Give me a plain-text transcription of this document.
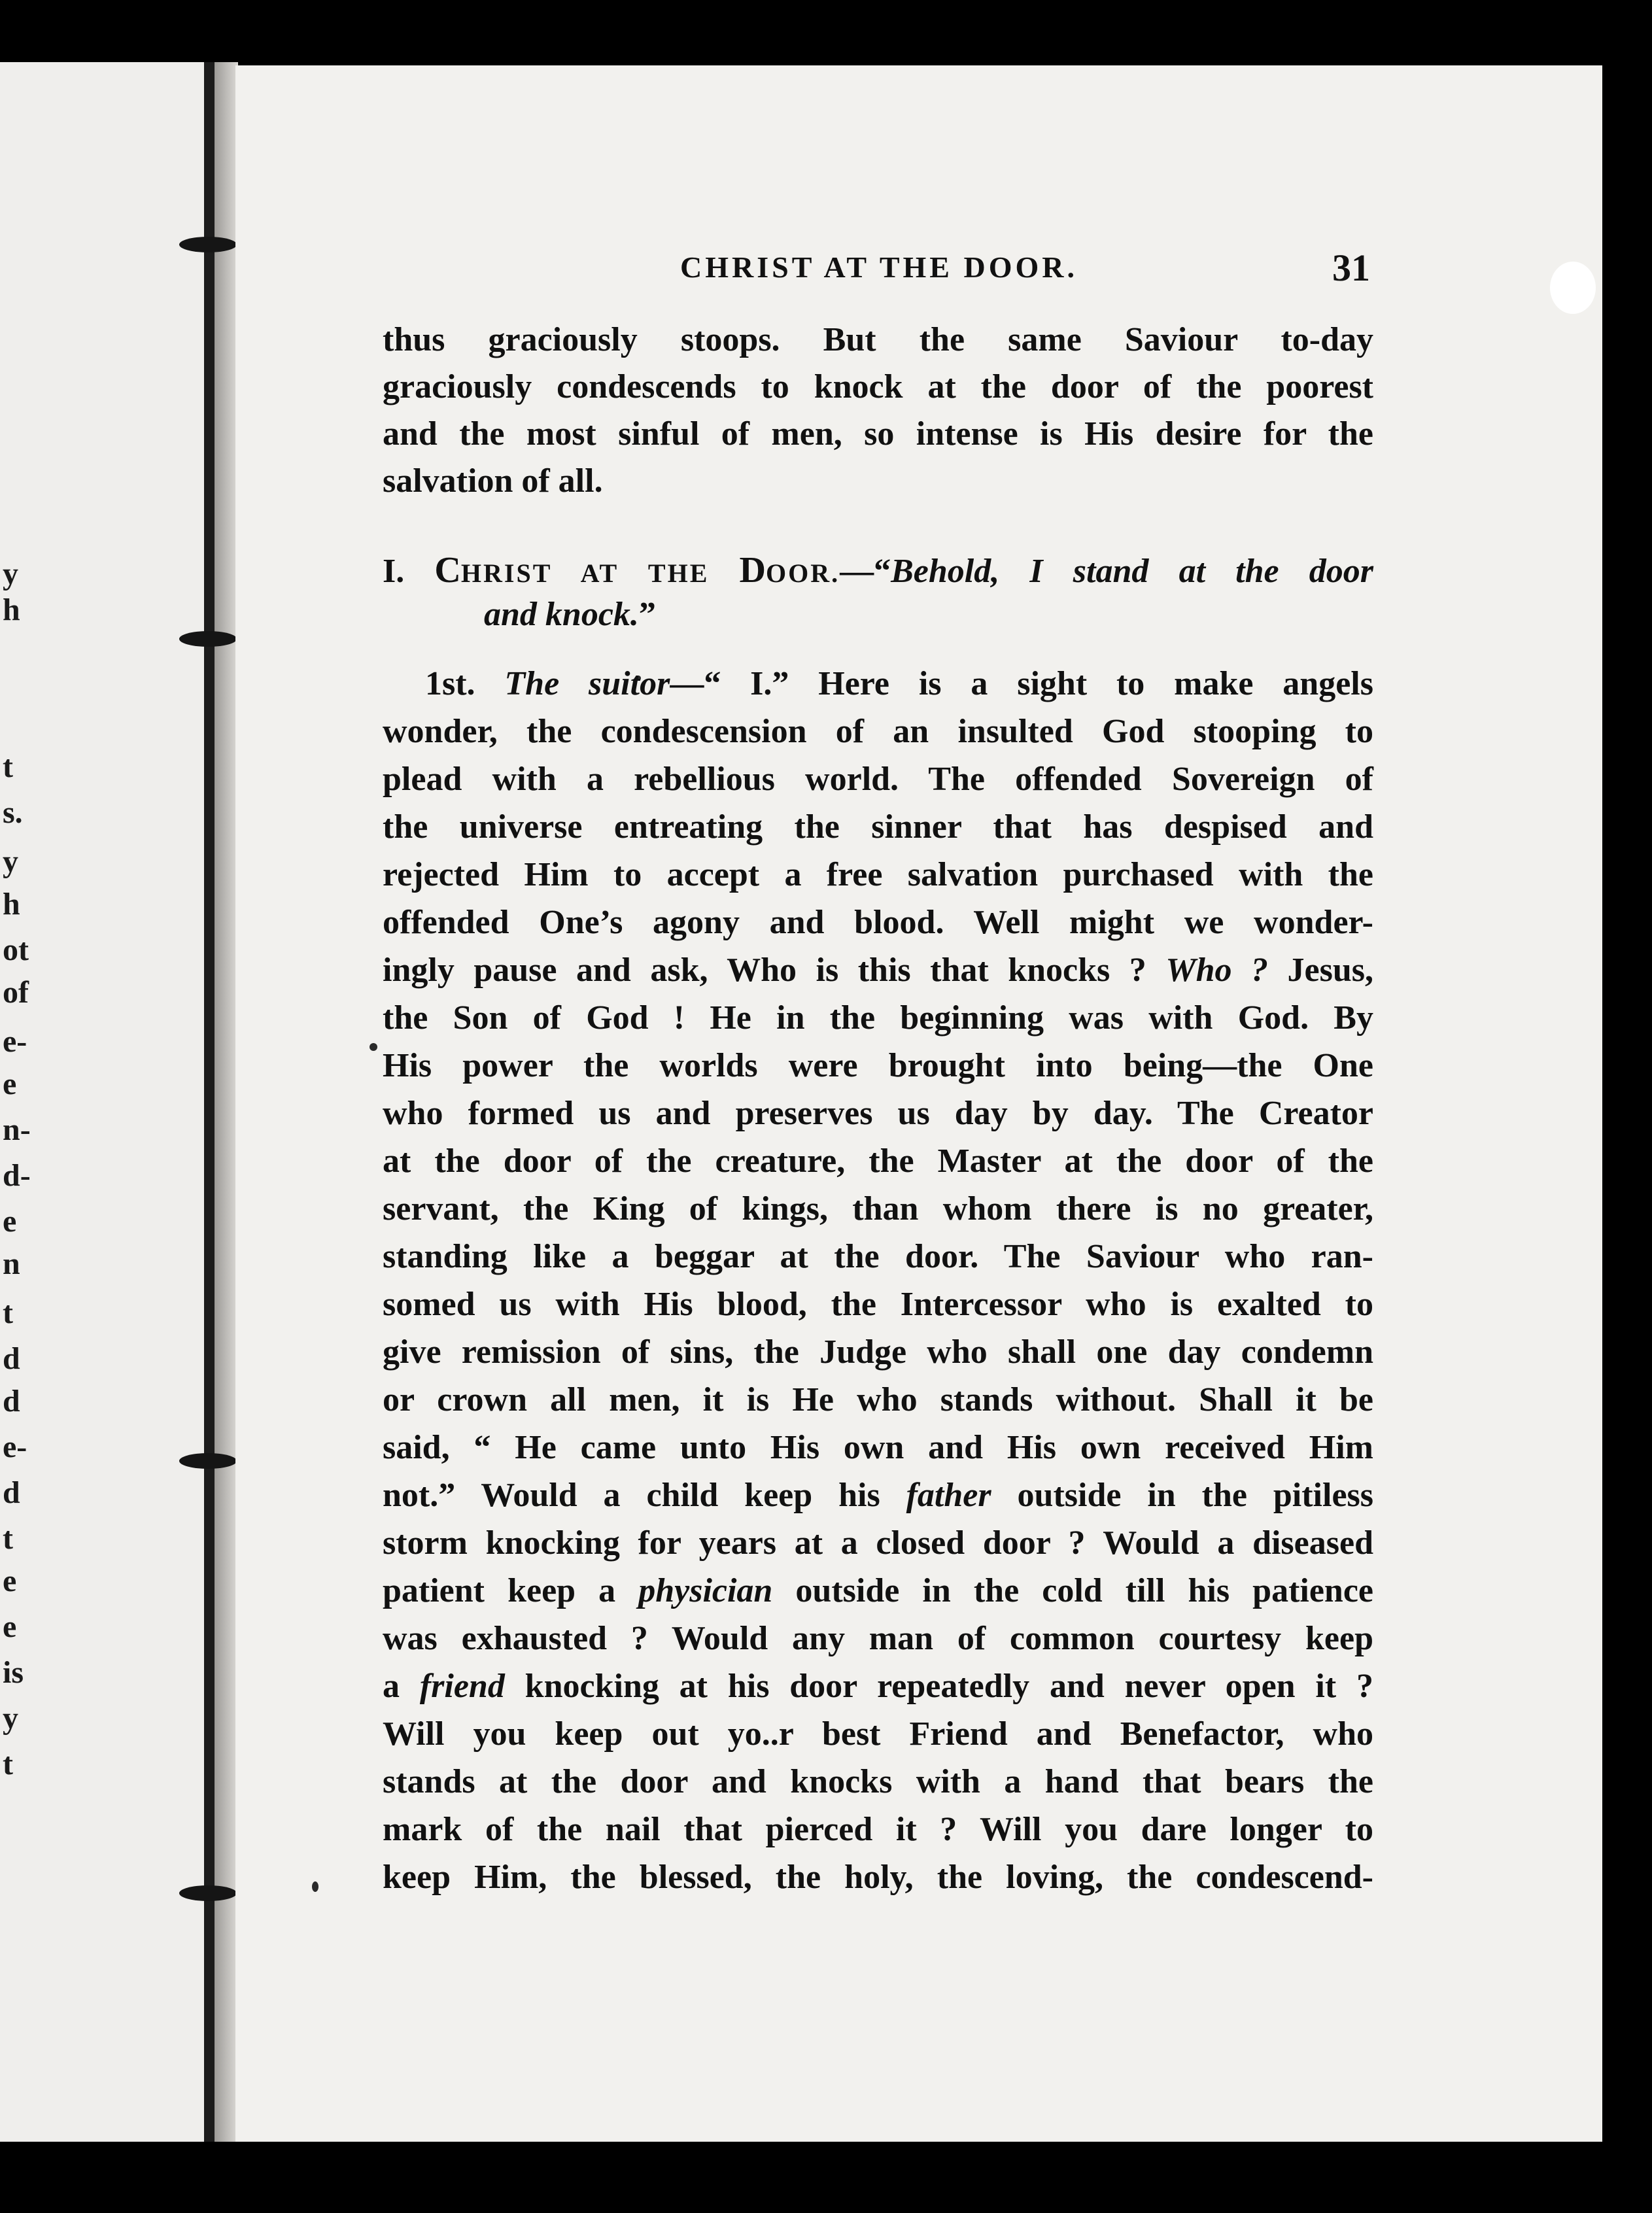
y
h
t
s.
y
h
ot
of
e-
e
n-
d-
e
n
t
d
d
e-
d
t
e
e
is
y
t
CHRIST AT THE DOOR.	31
thus graciously stoops. But the same Saviour to-day
graciously condescends to knock at the door of the poorest
and the most sinful of men, so intense is His desire for the
salvation of all.
I. CHRIST AT THE DOOR.—“Behold, I stand at the door
and knock.”
1st. The suitor—“ I.” Here is a sight to make angels
wonder, the condescension of an insulted God stooping to
plead with a rebellious world. The offended Sovereign of
the universe entreating the sinner that has despised and
rejected Him to accept a free salvation purchased with the
offended One’s agony and blood. Well might we wonder-
ingly pause and ask, Who is this that knocks ? Who ? Jesus,
the Son of God ! He in the beginning was with God. By
His power the worlds were brought into being—the One
who formed us and preserves us day by day. The Creator
at the door of the creature, the Master at the door of the
servant, the King of kings, than whom there is no greater,
standing like a beggar at the door. The Saviour who ran-
somed us with His blood, the Intercessor who is exalted to
give remission of sins, the Judge who shall one day condemn
or crown all men, it is He who stands without. Shall it be
said, “ He came unto His own and His own received Him
not.” Would a child keep his father outside in the pitiless
storm knocking for years at a closed door ? Would a diseased
patient keep a physician outside in the cold till his patience
was exhausted ? Would any man of common courtesy keep
a friend knocking at his door repeatedly and never open it ?
Will you keep out yo..r best Friend and Benefactor, who
stands at the door and knocks with a hand that bears the
mark of the nail that pierced it ? Will you dare longer to
keep Him, the blessed, the holy, the loving, the condescend-
